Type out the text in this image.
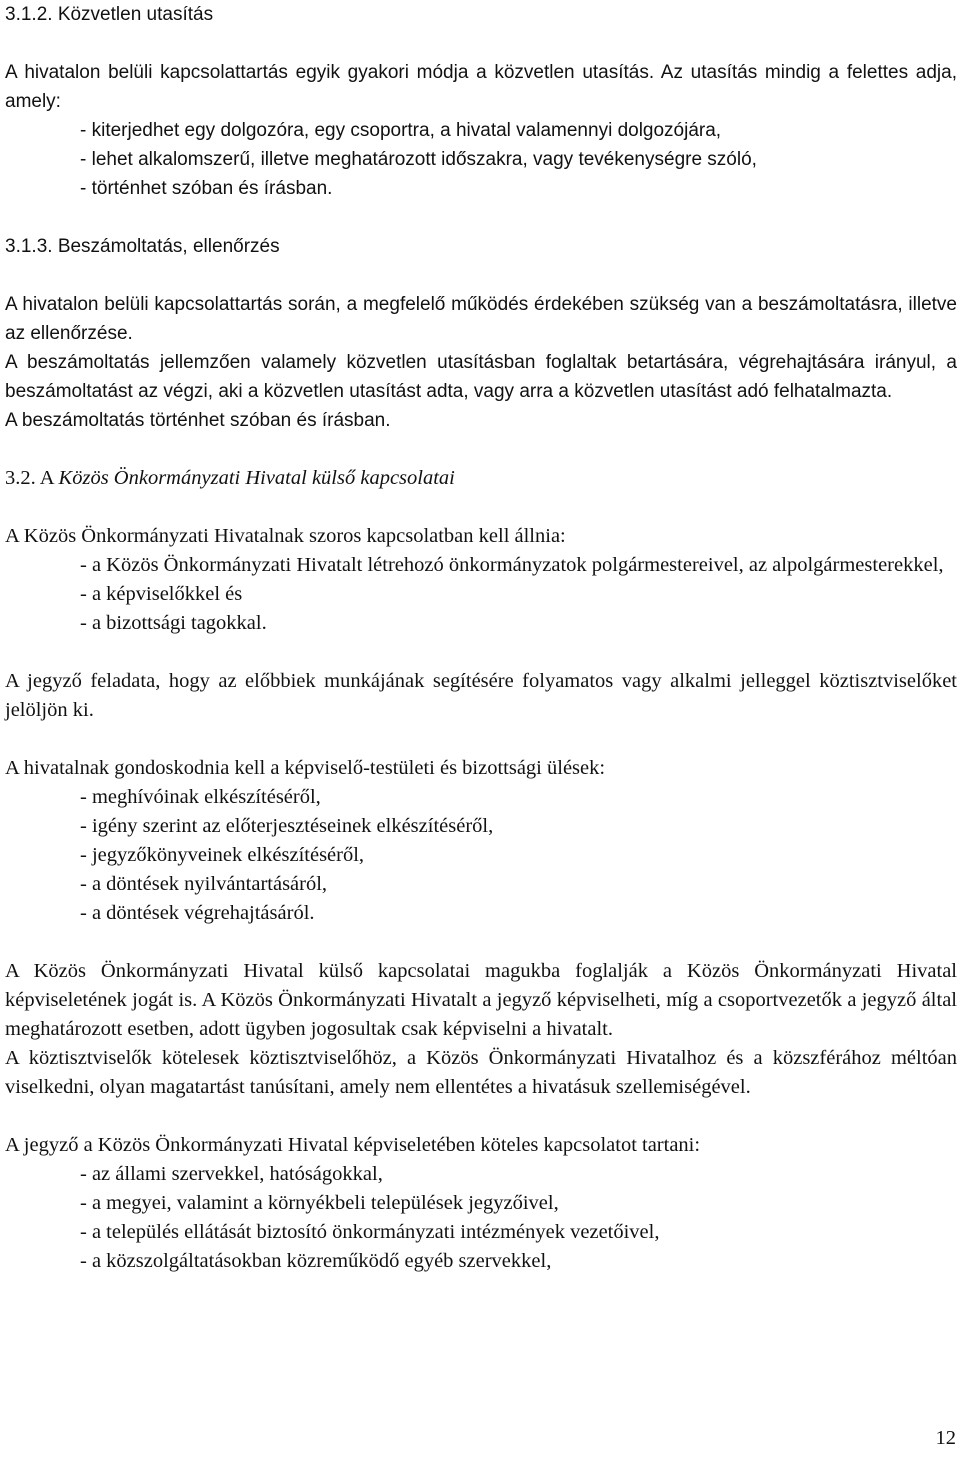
3.1.2. Közvetlen utasítás

A hivatalon belüli kapcsolattartás egyik gyakori módja a közvetlen utasítás. Az utasítás mindig a felettes adja, amely:

- kiterjedhet egy dolgozóra, egy csoportra, a hivatal valamennyi dolgozójára,
- lehet alkalomszerű, illetve meghatározott időszakra, vagy tevékenységre szóló,
- történhet szóban és írásban.

3.1.3. Beszámoltatás, ellenőrzés

A hivatalon belüli kapcsolattartás során, a megfelelő működés érdekében szükség van a beszámoltatásra, illetve az ellenőrzése.

A beszámoltatás jellemzően valamely közvetlen utasításban foglaltak betartására, végrehajtására irányul, a beszámoltatást az végzi, aki a közvetlen utasítást adta, vagy arra a közvetlen utasítást adó felhatalmazta.

A beszámoltatás történhet szóban és írásban.

3.2. A Közös Önkormányzati Hivatal külső kapcsolatai

A Közös Önkormányzati Hivatalnak szoros kapcsolatban kell állnia:

- a Közös Önkormányzati Hivatalt létrehozó önkormányzatok polgármestereivel, az alpolgármesterekkel,
- a képviselőkkel és
- a bizottsági tagokkal.

A jegyző feladata, hogy az előbbiek munkájának segítésére folyamatos vagy alkalmi jelleggel köztisztviselőket jelöljön ki.

A hivatalnak gondoskodnia kell a képviselő-testületi és bizottsági ülések:

- meghívóinak elkészítéséről,
- igény szerint az előterjesztéseinek elkészítéséről,
- jegyzőkönyveinek elkészítéséről,
- a döntések nyilvántartásáról,
- a döntések végrehajtásáról.

A Közös Önkormányzati Hivatal külső kapcsolatai magukba foglalják a Közös Önkormányzati Hivatal képviseletének jogát is. A Közös Önkormányzati Hivatalt a jegyző képviselheti, míg a csoportvezetők a jegyző által meghatározott esetben, adott ügyben jogosultak csak képviselni a hivatalt.

A köztisztviselők kötelesek köztisztviselőhöz, a Közös Önkormányzati Hivatalhoz és a közszférához méltóan viselkedni, olyan magatartást tanúsítani, amely nem ellentétes a hivatásuk szellemiségével.

A jegyző a Közös Önkormányzati Hivatal képviseletében köteles kapcsolatot tartani:

- az állami szervekkel, hatóságokkal,
- a megyei, valamint a környékbeli települések jegyzőivel,
- a település ellátását biztosító önkormányzati intézmények vezetőivel,
- a közszolgáltatásokban közreműködő egyéb szervekkel,
12
